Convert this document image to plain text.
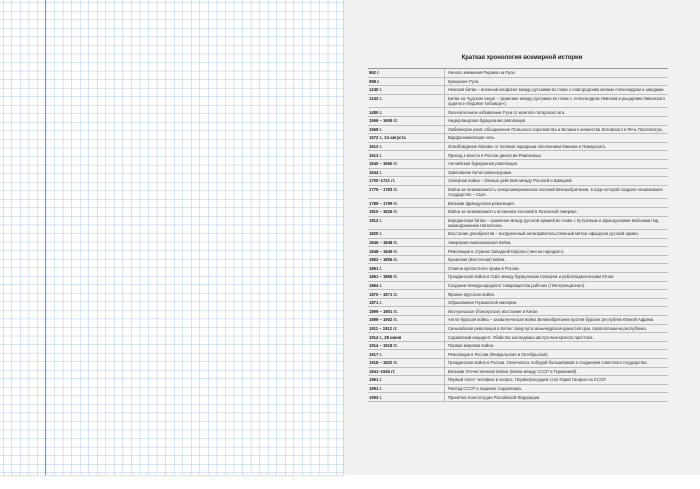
Краткая хронология всемирной истории
862 г.	Начало княжения Рюрика на Руси.
988 г.	Крещение Руси.
1240 г.	Невская битва – военный конфликт между русскими во главе с новгородским князем Александром и шведами.
1242 г.	Битва на Чудском озере – сражение между русскими во главе с Александром Невским и рыцарями Ливонского ордена («Ледовое побоище»).
1480 г.	Окончательное избавление Руси от монголо-татарского ига.
1566 – 1609 гг.	Нидерландская буржуазная революция.
1569 г.	Люблинская уния: объединение Польского королевства и Великого княжества Литовского в Речь Посполитую.
1572 г., 24 августа	Варфоломеевская ночь.
1612 г.	Освобождение Москвы от поляков народным ополчением Минина и Пожарского.
1613 г.	Приход к власти в России династии Романовых.
1640 – 1660 гг.	Английская буржуазная революция.
1644 г.	Завоевание Китая маньчжурами.
1700–1721 гг.	Северная война – боевые действия между Россией и Швецией.
1775 – 1783 гг.	Война за независимость североамериканских колоний Великобритании, в ходе которой создано независимое государство – США.
1789 – 1799 гг.	Великая французская революция.
1810 – 1826 гг.	Война за независимость испанских колоний в Латинской Америке.
1812 г.	Бородинская битва – сражение между русской армией во главе с Кутузовым и французскими войсками под командованием Наполеона.
1825 г.	Восстание декабристов – вооруженный антиправительственный мятеж офицеров русской армии.
1846 – 1848 гг.	Американо-мексиканская война.
1848 – 1849 гг.	Революции в странах Западной Европы («весна народов»).
1853 – 1856 гг.	Крымская (Восточная) война.
1861 г.	Отмена крепостного права в России.
1861 – 1865 гг.	Гражданская война в США между буржуазным Севером и рабовладельческим Югом.
1864 г.	Создание Международного товарищества рабочих (I Интернационал).
1870 – 1871 гг.	Франко-прусская война.
1871 г.	Образование Германской империи.
1899 – 1901 гг.	Ихэтуаньское (боксерское) восстание в Китае.
1899 – 1902 гг.	Англо-бурская война – захватническая война Великобритании против бурских республик Южной Африки.
1911 – 1912 гг.	Синьхайская революция в Китае: свергнута маньчжурская династия Цин, провозглашена республика.
1914 г., 28 июня	Сараевский инцидент. Убийство наследника австро-венгерского престола.
1914 – 1918 гг.	Первая мировая война.
1917 г.	Революции в России (Февральская и Октябрьская).
1918 – 1922 гг.	Гражданская война в России. Окончилась победой большевиков и созданием советского государства.
1941–1945 гг.	Великая Отечественная Война (война между СССР и Германией).
1961 г.	Первый полет человека в космос. Первопроходцем стал Юрий Гагарин на СССР.
1991 г.	Распад СССР и падение социализма.
1993 г.	Принятие Конституции Российской Федерации.
